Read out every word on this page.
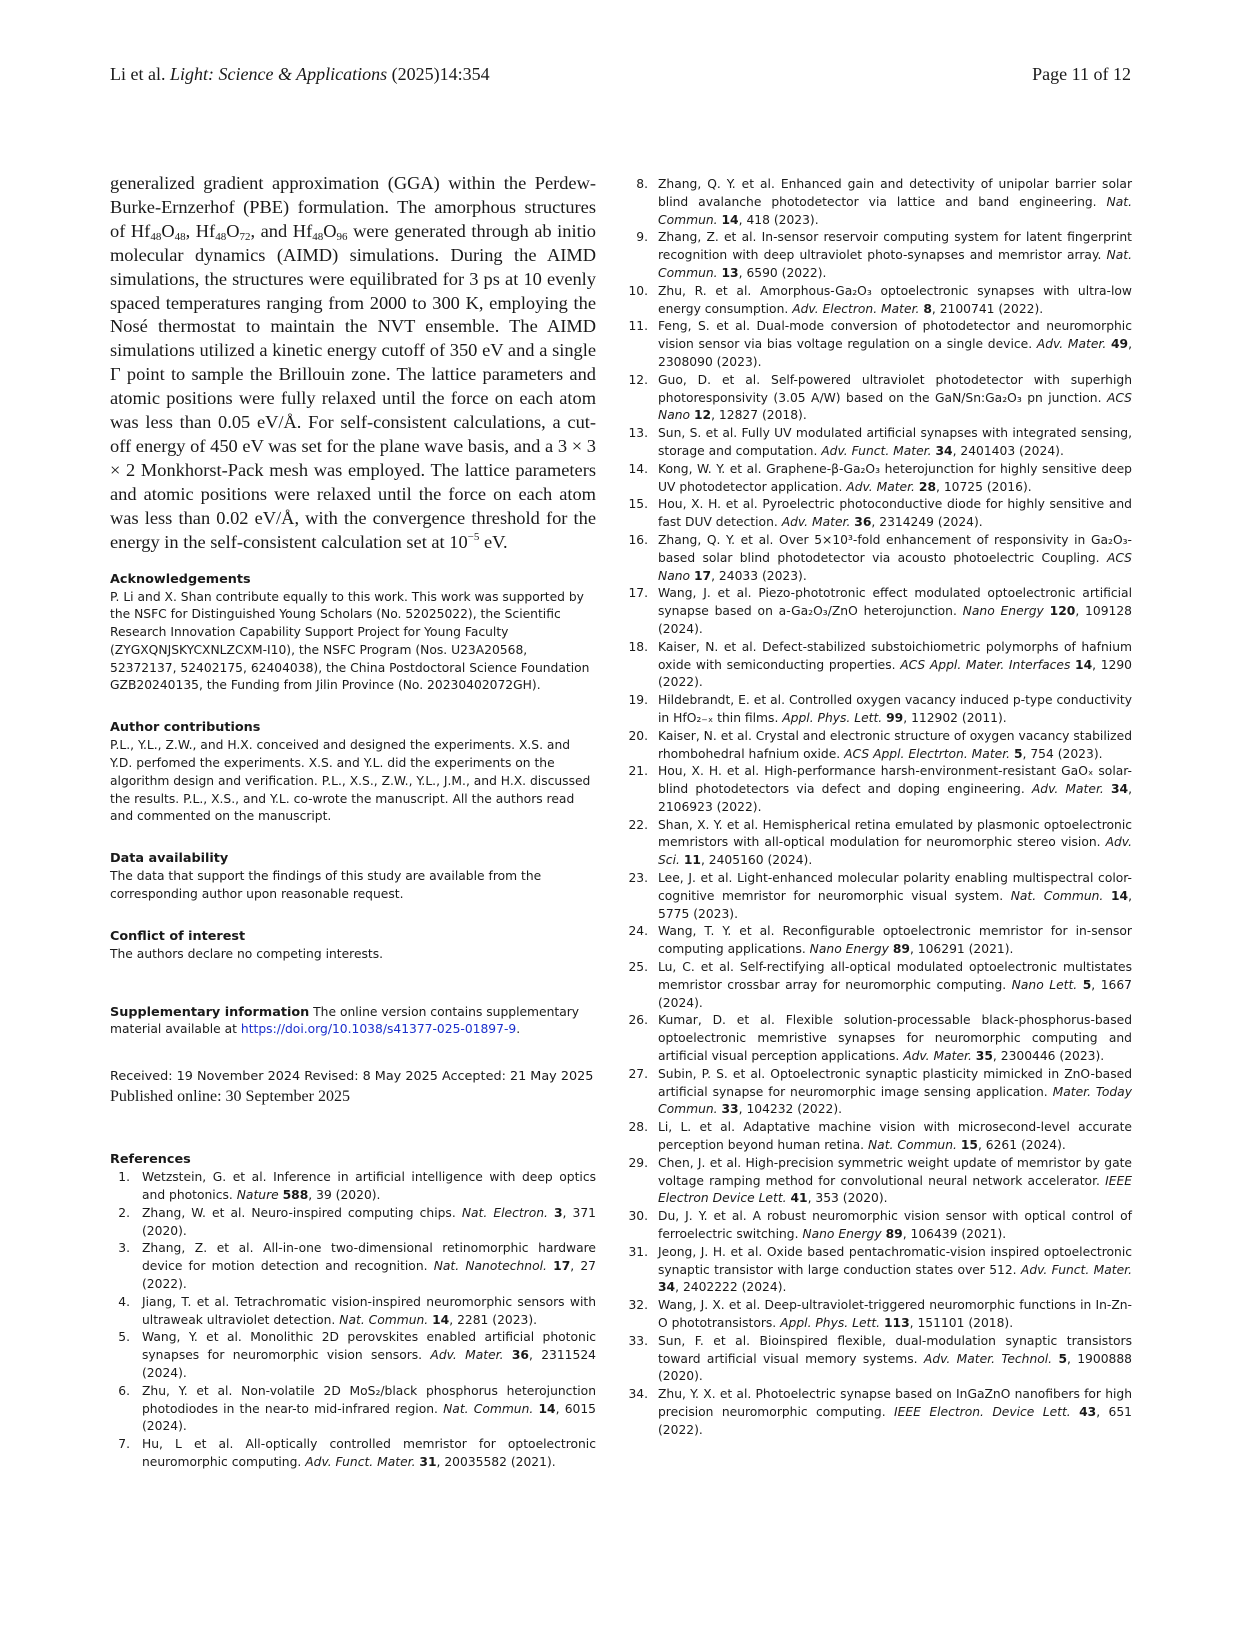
Li et al. Light: Science & Applications (2025)14:354	Page 11 of 12

generalized gradient approximation (GGA) within the Perdew-Burke-Ernzerhof (PBE) formulation. The amorphous structures of $Hf_{48}O_{48}$, $Hf_{48}O_{72}$, and $Hf_{48}O_{96}$ were generated through ab initio molecular dynamics (AIMD) simulations. During the AIMD simulations, the structures were equilibrated for 3 ps at 10 evenly spaced temperatures ranging from 2000 to 300 K, employing the Nosé thermostat to maintain the NVT ensemble. The AIMD simulations utilized a kinetic energy cutoff of 350 eV and a single Γ point to sample the Brillouin zone. The lattice parameters and atomic positions were fully relaxed until the force on each atom was less than 0.05 eV/Å. For self-consistent calculations, a cut-off energy of 450 eV was set for the plane wave basis, and a 3 × 3 × 2 Monkhorst-Pack mesh was employed. The lattice parameters and atomic positions were relaxed until the force on each atom was less than 0.02 eV/Å, with the convergence threshold for the energy in the self-consistent calculation set at $10^{-5}$ eV.

Acknowledgements

P. Li and X. Shan contribute equally to this work. This work was supported by the NSFC for Distinguished Young Scholars (No. 52025022), the Scientific Research Innovation Capability Support Project for Young Faculty (ZYGXQNJSKYCXNLZCXM-I10), the NSFC Program (Nos. U23A20568, 52372137, 52402175, 62404038), the China Postdoctoral Science Foundation GZB20240135, the Funding from Jilin Province (No. 20230402072GH).

Author contributions

P.L., Y.L., Z.W., and H.X. conceived and designed the experiments. X.S. and Y.D. perfomed the experiments. X.S. and Y.L. did the experiments on the algorithm design and verification. P.L., X.S., Z.W., Y.L., J.M., and H.X. discussed the results. P.L., X.S., and Y.L. co-wrote the manuscript. All the authors read and commented on the manuscript.

Data availability

The data that support the findings of this study are available from the corresponding author upon reasonable request.

Conflict of interest

The authors declare no competing interests.

Supplementary information The online version contains supplementary material available at https://doi.org/10.1038/s41377-025-01897-9.

Received: 19 November 2024 Revised: 8 May 2025 Accepted: 21 May 2025
Published online: 30 September 2025
References
1. Wetzstein, G. et al. Inference in artificial intelligence with deep optics and photonics. Nature 588, 39 (2020).
2. Zhang, W. et al. Neuro-inspired computing chips. Nat. Electron. 3, 371 (2020).
3. Zhang, Z. et al. All-in-one two-dimensional retinomorphic hardware device for motion detection and recognition. Nat. Nanotechnol. 17, 27 (2022).
4. Jiang, T. et al. Tetrachromatic vision-inspired neuromorphic sensors with ultraweak ultraviolet detection. Nat. Commun. 14, 2281 (2023).
5. Wang, Y. et al. Monolithic 2D perovskites enabled artificial photonic synapses for neuromorphic vision sensors. Adv. Mater. 36, 2311524 (2024).
6. Zhu, Y. et al. Non-volatile 2D MoS₂/black phosphorus heterojunction photodiodes in the near-to mid-infrared region. Nat. Commun. 14, 6015 (2024).
7. Hu, L et al. All-optically controlled memristor for optoelectronic neuromorphic computing. Adv. Funct. Mater. 31, 20035582 (2021).
8. Zhang, Q. Y. et al. Enhanced gain and detectivity of unipolar barrier solar blind avalanche photodetector via lattice and band engineering. Nat. Commun. 14, 418 (2023).
9. Zhang, Z. et al. In-sensor reservoir computing system for latent fingerprint recognition with deep ultraviolet photo-synapses and memristor array. Nat. Commun. 13, 6590 (2022).
10. Zhu, R. et al. Amorphous-Ga₂O₃ optoelectronic synapses with ultra-low energy consumption. Adv. Electron. Mater. 8, 2100741 (2022).
11. Feng, S. et al. Dual-mode conversion of photodetector and neuromorphic vision sensor via bias voltage regulation on a single device. Adv. Mater. 49, 2308090 (2023).
12. Guo, D. et al. Self-powered ultraviolet photodetector with superhigh photoresponsivity (3.05 A/W) based on the GaN/Sn:Ga₂O₃ pn junction. ACS Nano 12, 12827 (2018).
13. Sun, S. et al. Fully UV modulated artificial synapses with integrated sensing, storage and computation. Adv. Funct. Mater. 34, 2401403 (2024).
14. Kong, W. Y. et al. Graphene-β-Ga₂O₃ heterojunction for highly sensitive deep UV photodetector application. Adv. Mater. 28, 10725 (2016).
15. Hou, X. H. et al. Pyroelectric photoconductive diode for highly sensitive and fast DUV detection. Adv. Mater. 36, 2314249 (2024).
16. Zhang, Q. Y. et al. Over 5×10³-fold enhancement of responsivity in Ga₂O₃-based solar blind photodetector via acousto photoelectric Coupling. ACS Nano 17, 24033 (2023).
17. Wang, J. et al. Piezo-phototronic effect modulated optoelectronic artificial synapse based on a-Ga₂O₃/ZnO heterojunction. Nano Energy 120, 109128 (2024).
18. Kaiser, N. et al. Defect-stabilized substoichiometric polymorphs of hafnium oxide with semiconducting properties. ACS Appl. Mater. Interfaces 14, 1290 (2022).
19. Hildebrandt, E. et al. Controlled oxygen vacancy induced p-type conductivity in HfO₂₋ₓ thin films. Appl. Phys. Lett. 99, 112902 (2011).
20. Kaiser, N. et al. Crystal and electronic structure of oxygen vacancy stabilized rhombohedral hafnium oxide. ACS Appl. Electrton. Mater. 5, 754 (2023).
21. Hou, X. H. et al. High-performance harsh-environment-resistant GaOₓ solar-blind photodetectors via defect and doping engineering. Adv. Mater. 34, 2106923 (2022).
22. Shan, X. Y. et al. Hemispherical retina emulated by plasmonic optoelectronic memristors with all-optical modulation for neuromorphic stereo vision. Adv. Sci. 11, 2405160 (2024).
23. Lee, J. et al. Light-enhanced molecular polarity enabling multispectral color-cognitive memristor for neuromorphic visual system. Nat. Commun. 14, 5775 (2023).
24. Wang, T. Y. et al. Reconfigurable optoelectronic memristor for in-sensor computing applications. Nano Energy 89, 106291 (2021).
25. Lu, C. et al. Self-rectifying all-optical modulated optoelectronic multistates memristor crossbar array for neuromorphic computing. Nano Lett. 5, 1667 (2024).
26. Kumar, D. et al. Flexible solution-processable black-phosphorus-based optoelectronic memristive synapses for neuromorphic computing and artificial visual perception applications. Adv. Mater. 35, 2300446 (2023).
27. Subin, P. S. et al. Optoelectronic synaptic plasticity mimicked in ZnO-based artificial synapse for neuromorphic image sensing application. Mater. Today Commun. 33, 104232 (2022).
28. Li, L. et al. Adaptative machine vision with microsecond-level accurate perception beyond human retina. Nat. Commun. 15, 6261 (2024).
29. Chen, J. et al. High-precision symmetric weight update of memristor by gate voltage ramping method for convolutional neural network accelerator. IEEE Electron Device Lett. 41, 353 (2020).
30. Du, J. Y. et al. A robust neuromorphic vision sensor with optical control of ferroelectric switching. Nano Energy 89, 106439 (2021).
31. Jeong, J. H. et al. Oxide based pentachromatic-vision inspired optoelectronic synaptic transistor with large conduction states over 512. Adv. Funct. Mater. 34, 2402222 (2024).
32. Wang, J. X. et al. Deep-ultraviolet-triggered neuromorphic functions in In-Zn-O phototransistors. Appl. Phys. Lett. 113, 151101 (2018).
33. Sun, F. et al. Bioinspired flexible, dual-modulation synaptic transistors toward artificial visual memory systems. Adv. Mater. Technol. 5, 1900888 (2020).
34. Zhu, Y. X. et al. Photoelectric synapse based on InGaZnO nanofibers for high precision neuromorphic computing. IEEE Electron. Device Lett. 43, 651 (2022).
